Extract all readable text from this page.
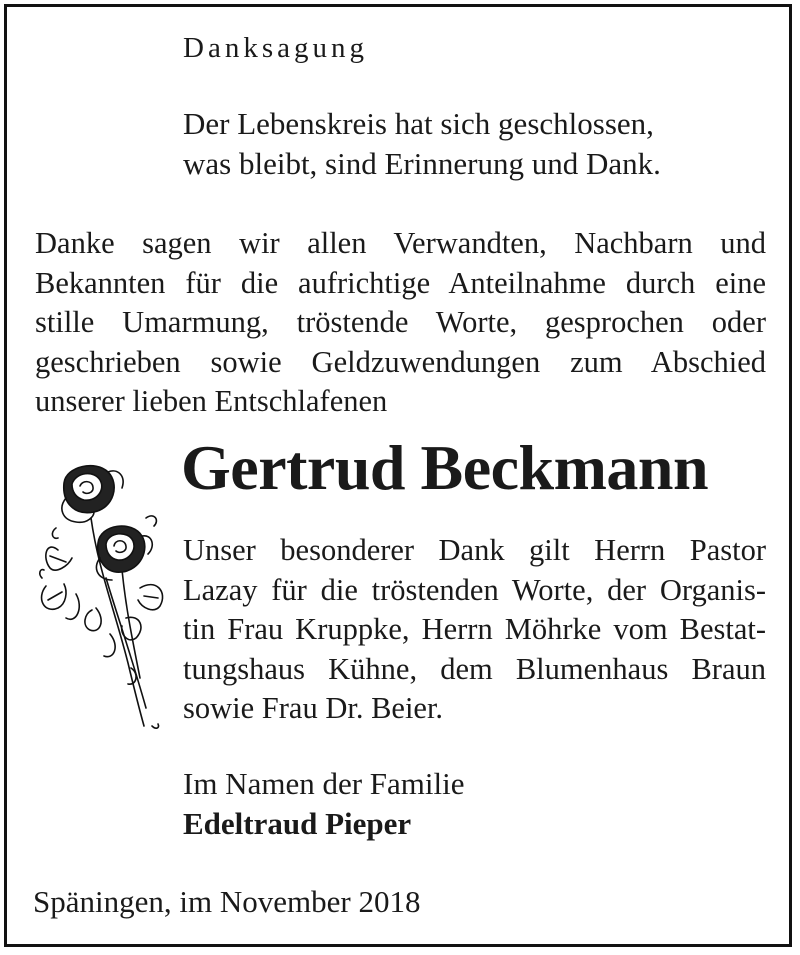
Danksagung

Der Lebenskreis hat sich geschlossen,
was bleibt, sind Erinnerung und Dank.
Danke sagen wir allen Verwandten, Nachbarn und
Bekannten für die aufrichtige Anteilnahme durch eine
stille Umarmung, tröstende Worte, gesprochen oder
geschrieben sowie Geldzuwendungen zum Abschied
unserer lieben Entschlafenen
Gertrud Beckmann
Unser besonderer Dank gilt Herrn Pastor
Lazay für die tröstenden Worte, der Organis-
tin Frau Kruppke, Herrn Möhrke vom Bestat-
tungshaus Kühne, dem Blumenhaus Braun
sowie Frau Dr. Beier.

Im Namen der Familie

Edeltraud Pieper

Späningen, im November 2018
